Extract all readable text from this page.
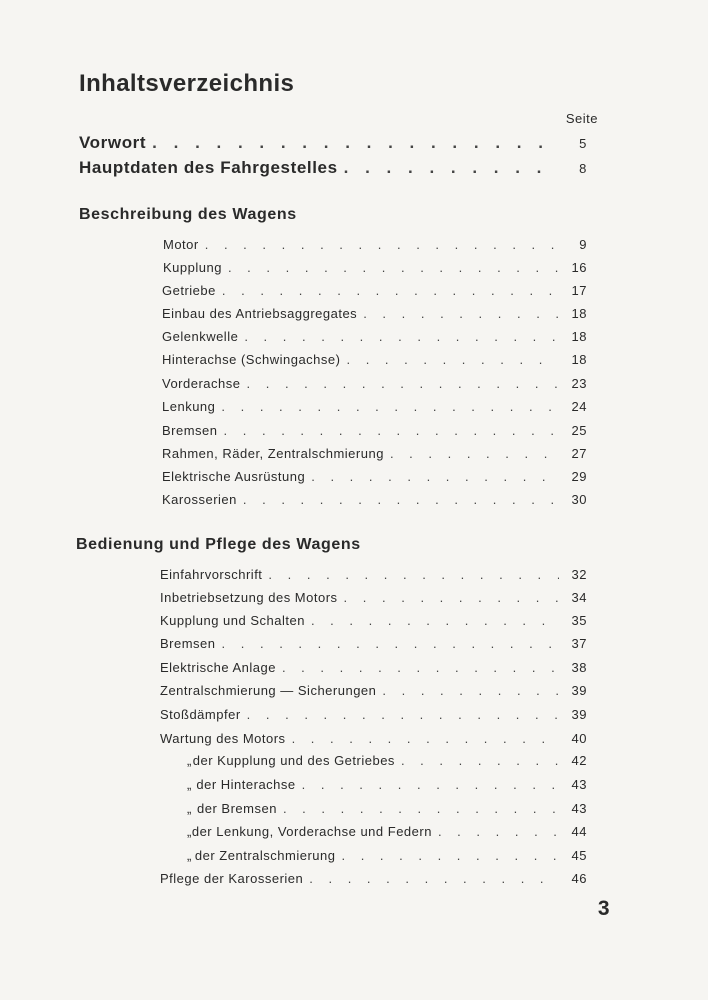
Inhaltsverzeichnis
Seite
Vorwort . . .	5
Hauptdaten des Fahrgestelles . . .	8
Beschreibung des Wagens
Motor . . .	9
Kupplung . . .	16
Getriebe . . .	17
Einbau des Antriebsaggregates . . .	18
Gelenkwelle . . .	18
Hinterachse (Schwingachse) . . .	18
Vorderachse . . .	23
Lenkung . . .	24
Bremsen . . .	25
Rahmen, Räder, Zentralschmierung . . .	27
Elektrische Ausrüstung . . .	29
Karosserien . . .	30
Bedienung und Pflege des Wagens
Einfahrvorschrift . . .	32
Inbetriebsetzung des Motors . . .	34
Kupplung und Schalten . . .	35
Bremsen . . .	37
Elektrische Anlage . . .	38
Zentralschmierung — Sicherungen . . .	39
Stoßdämpfer . . .	39
Wartung des Motors . . .	40
„ der Kupplung und des Getriebes . . .	42
„ der Hinterachse . . .	43
„ der Bremsen . . .	43
„ der Lenkung, Vorderachse und Federn . . .	44
„ der Zentralschmierung . . .	45
Pflege der Karosserien . . .	46
3
